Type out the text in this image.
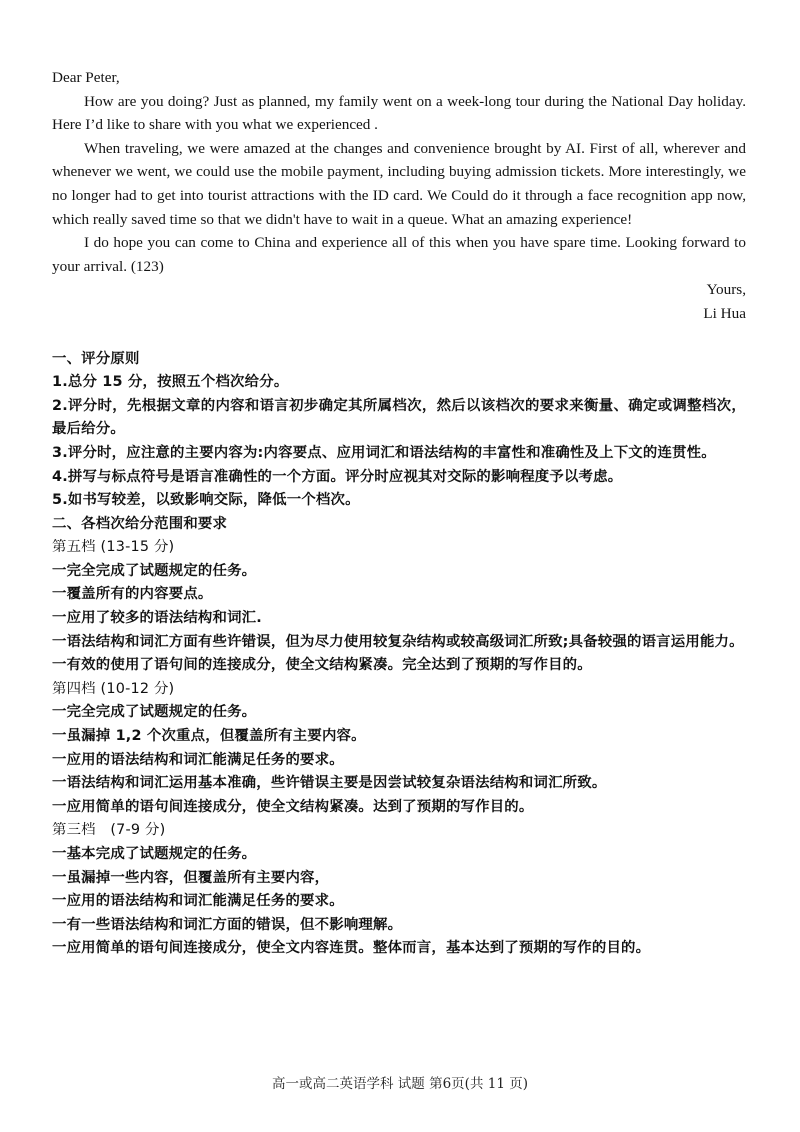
Dear Peter,

How are you doing? Just as planned, my family went on a week-long tour during the National Day holiday. Here I’d like to share with you what we experienced .

When traveling, we were amazed at the changes and convenience brought by AI. First of all, wherever and whenever we went, we could use the mobile payment, including buying admission tickets. More interestingly, we no longer had to get into tourist attractions with the ID card. We Could do it through a face recognition app now, which really saved time so that we didn't have to wait in a queue. What an amazing experience!

I do hope you can come to China and experience all of this when you have spare time. Looking forward to your arrival. (123)

Yours,

Li Hua

一、评分原则

1.总分 15 分，按照五个档次给分。

2.评分时，先根据文章的内容和语言初步确定其所属档次，然后以该档次的要求来衡量、确定或调整档次，最后给分。

3.评分时，应注意的主要内容为:内容要点、应用词汇和语法结构的丰富性和准确性及上下文的连贯性。

4.拼写与标点符号是语言准确性的一个方面。评分时应视其对交际的影响程度予以考虑。

5.如书写较差，以致影响交际，降低一个档次。

二、各档次给分范围和要求

第五档 (13-15 分)

一完全完成了试题规定的任务。

一覆盖所有的内容要点。

一应用了较多的语法结构和词汇.

一语法结构和词汇方面有些许错误，但为尽力使用较复杂结构或较高级词汇所致;具备较强的语言运用能力。

一有效的使用了语句间的连接成分，使全文结构紧凑。完全达到了预期的写作目的。

第四档 (10-12 分)

一完全完成了试题规定的任务。

一虽漏掉 1,2 个次重点，但覆盖所有主要内容。

一应用的语法结构和词汇能满足任务的要求。

一语法结构和词汇运用基本准确，些许错误主要是因尝试较复杂语法结构和词汇所致。

一应用简单的语句间连接成分，使全文结构紧凑。达到了预期的写作目的。

第三档　(7-9 分)

一基本完成了试题规定的任务。

一虽漏掉一些内容，但覆盖所有主要内容，

一应用的语法结构和词汇能满足任务的要求。

一有一些语法结构和词汇方面的错误，但不影响理解。

一应用简单的语句间连接成分，使全文内容连贯。整体而言，基本达到了预期的写作的目的。

高一或高二英语学科 试题 第6页(共 11 页)
